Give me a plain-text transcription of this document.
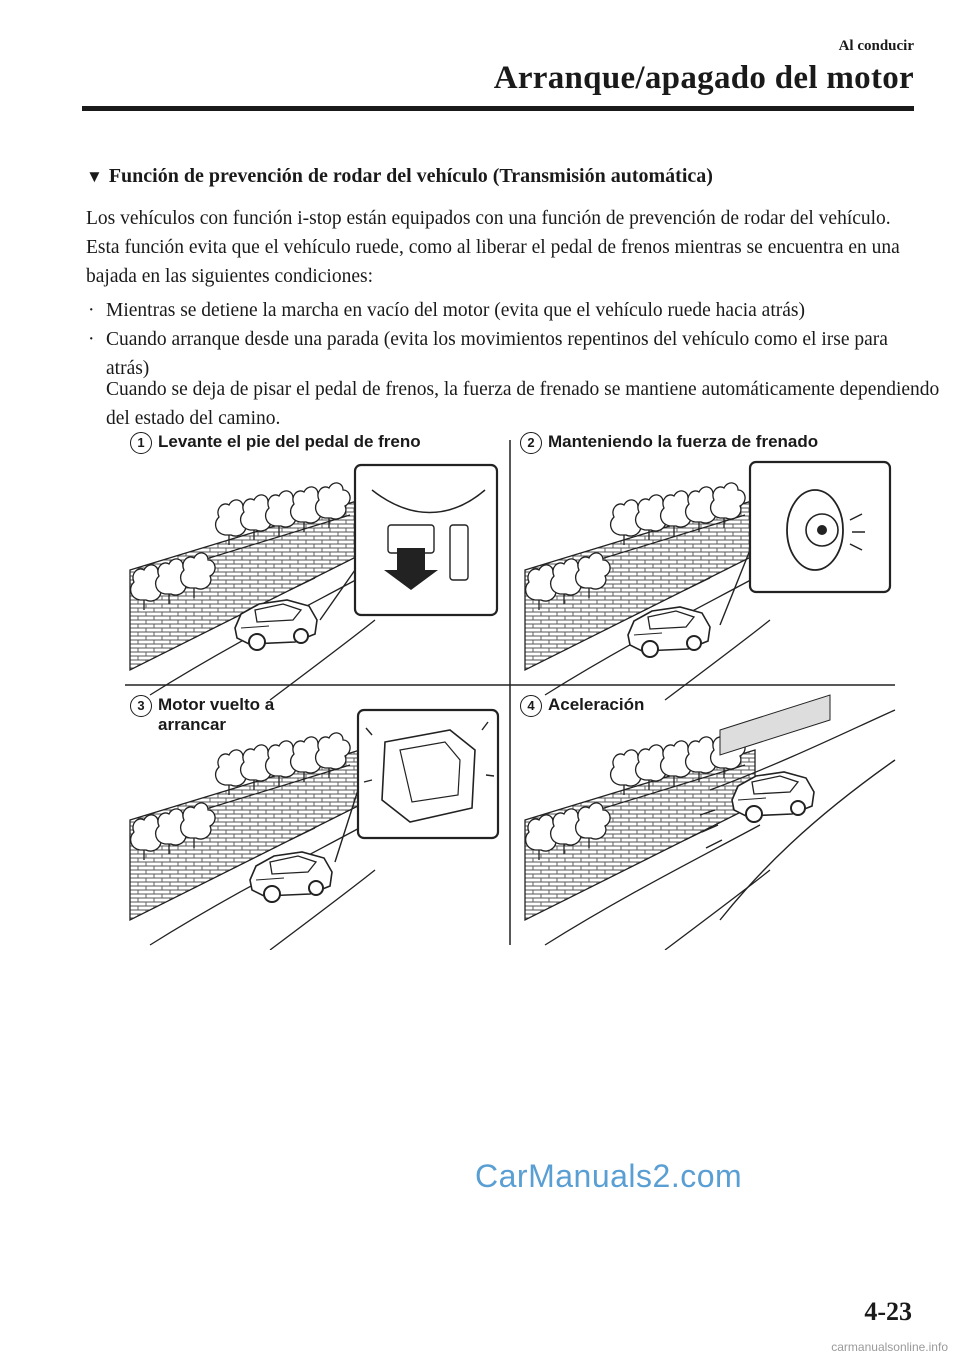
Al conducir
Arranque/apagado del motor
▼ Función de prevención de rodar del vehículo (Transmisión automática)
Los vehículos con función i-stop están equipados con una función de prevención de rodar del vehículo. Esta función evita que el vehículo ruede, como al liberar el pedal de frenos mientras se encuentra en una bajada en las siguientes condiciones:
· Mientras se detiene la marcha en vacío del motor (evita que el vehículo ruede hacia atrás)
· Cuando arranque desde una parada (evita los movimientos repentinos del vehículo como el irse para atrás)
Cuando se deja de pisar el pedal de frenos, la fuerza de frenado se mantiene automáticamente dependiendo del estado del camino.
1 Levante el pie del pedal de freno	2 Manteniendo la fuerza de frenado
3 Motor vuelto a arrancar
4 Aceleración
CarManuals2.com
4-23
carmanualsonline.info
